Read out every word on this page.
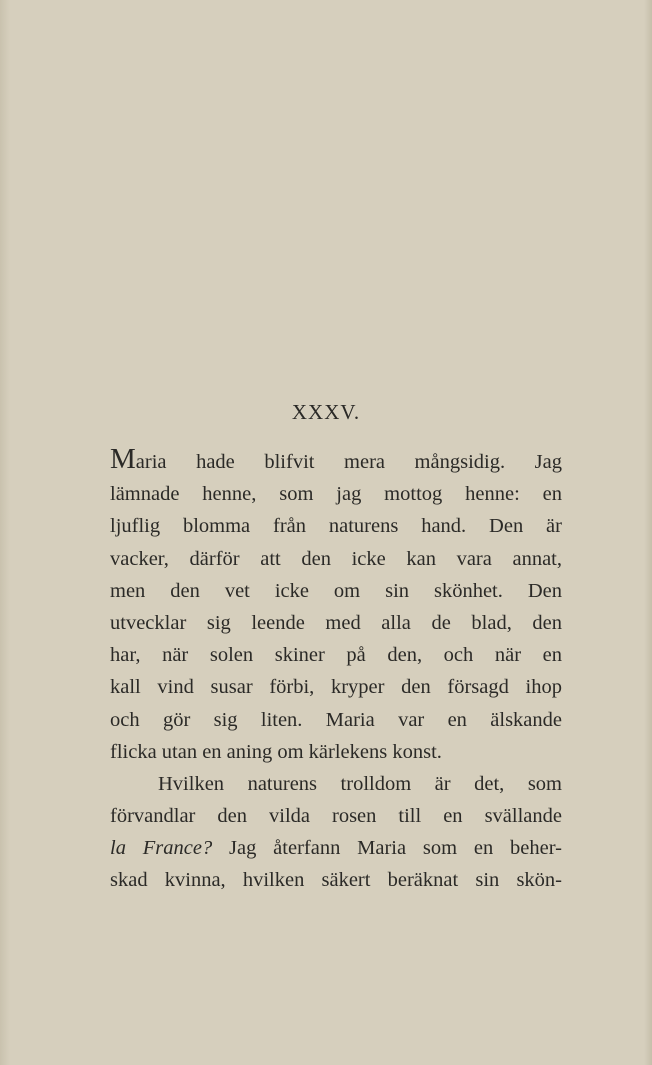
XXXV.
Maria hade blifvit mera mångsidig. Jag
lämnade henne, som jag mottog henne: en
ljuflig blomma från naturens hand. Den är
vacker, därför att den icke kan vara annat,
men den vet icke om sin skönhet. Den
utvecklar sig leende med alla de blad, den
har, när solen skiner på den, och när en
kall vind susar förbi, kryper den försagd ihop
och gör sig liten. Maria var en älskande
flicka utan en aning om kärlekens konst.
Hvilken naturens trolldom är det, som
förvandlar den vilda rosen till en svällande
la France? Jag återfann Maria som en beher-
skad kvinna, hvilken säkert beräknat sin skön-
